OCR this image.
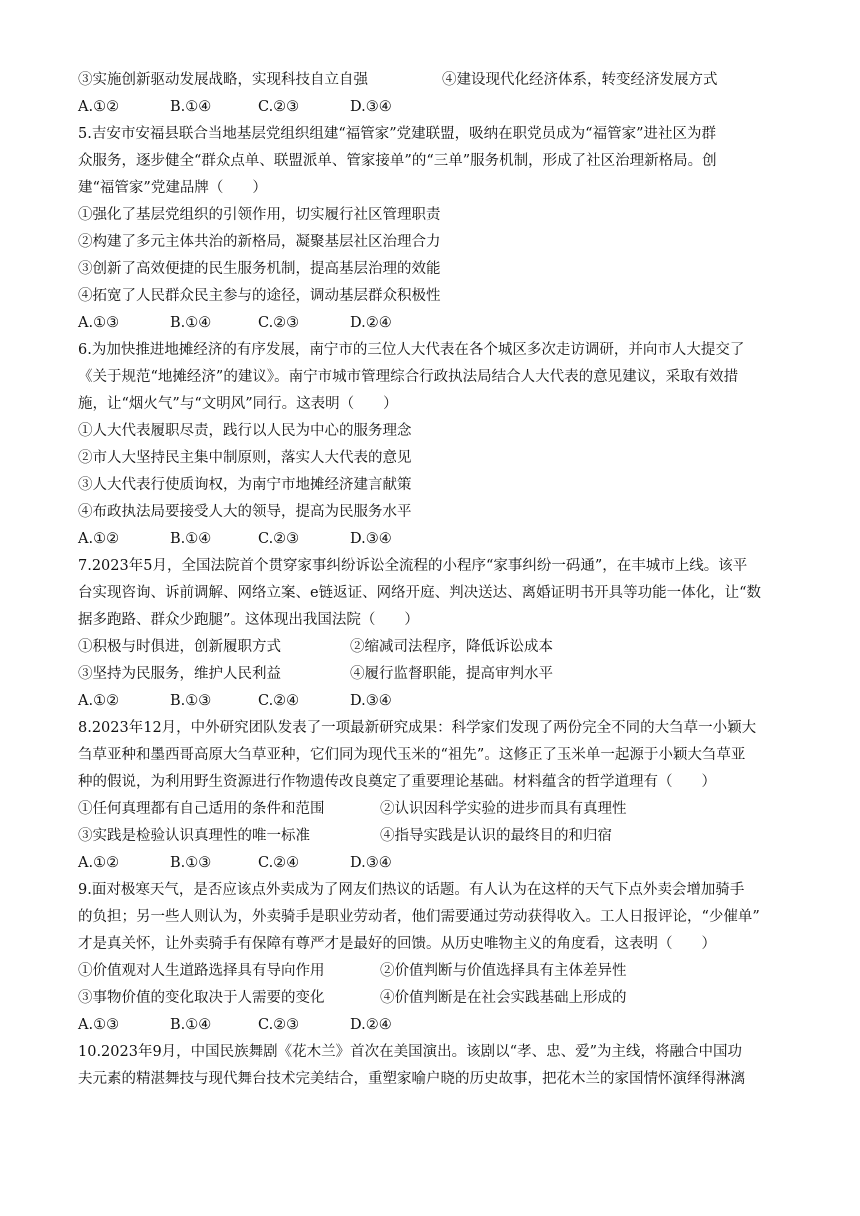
③实施创新驱动发展战略，实现科技自立自强	④建设现代化经济体系，转变经济发展方式
A.①②	B.①④	C.②③	D.③④
5.吉安市安福县联合当地基层党组织组建“福管家”党建联盟，吸纳在职党员成为“福管家”进社区为群
众服务，逐步健全“群众点单、联盟派单、管家接单”的“三单”服务机制，形成了社区治理新格局。创
建“福管家”党建品牌（　　）
①强化了基层党组织的引领作用，切实履行社区管理职责
②构建了多元主体共治的新格局，凝聚基层社区治理合力
③创新了高效便捷的民生服务机制，提高基层治理的效能
④拓宽了人民群众民主参与的途径，调动基层群众积极性
A.①③	B.①④	C.②③	D.②④
6.为加快推进地摊经济的有序发展，南宁市的三位人大代表在各个城区多次走访调研，并向市人大提交了
《关于规范“地摊经济”的建议》。南宁市城市管理综合行政执法局结合人大代表的意见建议，采取有效措
施，让“烟火气”与“文明风”同行。这表明（　　）
①人大代表履职尽责，践行以人民为中心的服务理念
②市人大坚持民主集中制原则，落实人大代表的意见
③人大代表行使质询权，为南宁市地摊经济建言献策
④布政执法局要接受人大的领导，提高为民服务水平
A.①②	B.①④	C.②③	D.③④
7.2023年5月，全国法院首个贯穿家事纠纷诉讼全流程的小程序“家事纠纷一码通”，在丰城市上线。该平
台实现咨询、诉前调解、网络立案、e链返证、网络开庭、判决送达、离婚证明书开具等功能一体化，让“数
据多跑路、群众少跑腿”。这体现出我国法院（　　）
①积极与时俱进，创新履职方式	②缩减司法程序，降低诉讼成本
③坚持为民服务，维护人民利益	④履行监督职能，提高审判水平
A.①②	B.①③	C.②④	D.③④
8.2023年12月，中外研究团队发表了一项最新研究成果：科学家们发现了两份完全不同的大刍草一小颖大
刍草亚种和墨西哥高原大刍草亚种，它们同为现代玉米的“祖先”。这修正了玉米单一起源于小颖大刍草亚
种的假说，为利用野生资源进行作物遗传改良奠定了重要理论基础。材料蕴含的哲学道理有（　　）
①任何真理都有自己适用的条件和范围	②认识因科学实验的进步而具有真理性
③实践是检验认识真理性的唯一标准	④指导实践是认识的最终目的和归宿
A.①②	B.①③	C.②④	D.③④
9.面对极寒天气，是否应该点外卖成为了网友们热议的话题。有人认为在这样的天气下点外卖会增加骑手
的负担；另一些人则认为，外卖骑手是职业劳动者，他们需要通过劳动获得收入。工人日报评论，“少催单”
才是真关怀，让外卖骑手有保障有尊严才是最好的回馈。从历史唯物主义的角度看，这表明（　　）
①价值观对人生道路选择具有导向作用	②价值判断与价值选择具有主体差异性
③事物价值的变化取决于人需要的变化	④价值判断是在社会实践基础上形成的
A.①③	B.①④	C.②③	D.②④
10.2023年9月，中国民族舞剧《花木兰》首次在美国演出。该剧以“孝、忠、爱”为主线，将融合中国功
夫元素的精湛舞技与现代舞台技术完美结合，重塑家喻户晓的历史故事，把花木兰的家国情怀演绎得淋漓
